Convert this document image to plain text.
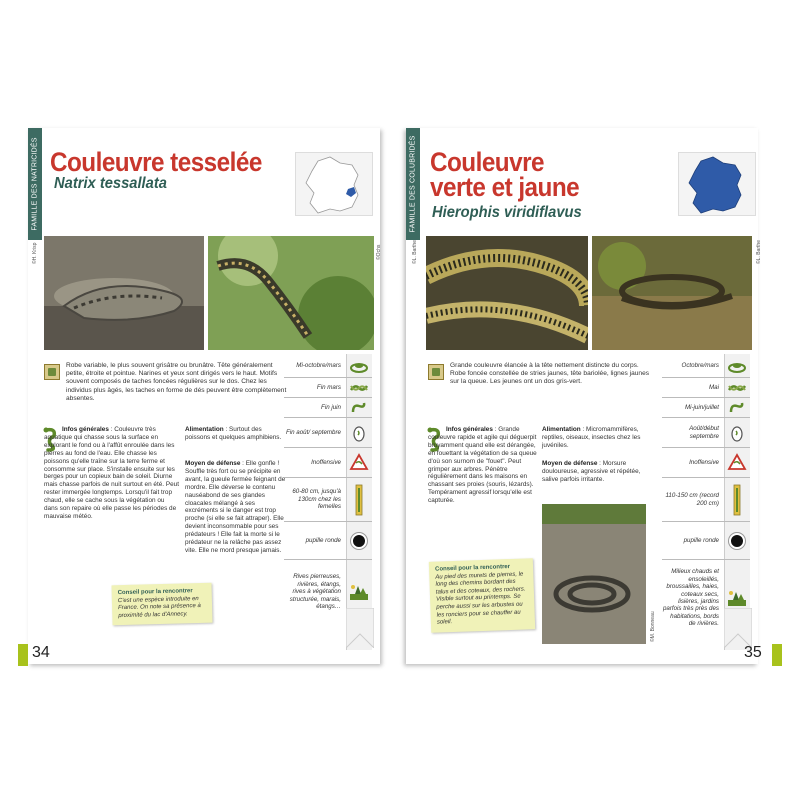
FAMILLE DES NATRICIDÉS Couleuvre tesselée
Natrix tessallata
©H. Krisp	©Ochs
Robe variable, le plus souvent grisâtre ou brunâtre. Tête généralement petite, étroite et pointue. Narines et yeux sont dirigés vers le haut. Motifs souvent composés de taches foncées régulières sur le dos. Chez les individus plus âgés, les taches en forme de dés peuvent être complètement absentes.
Infos générales : Couleuvre très aquatique qui chasse sous la surface en explorant le fond ou à l'affût enroulée dans les pierres au fond de l'eau. Elle chasse les poissons qu'elle traîne sur la terre ferme et consomme sur place. S'installe ensuite sur les berges pour un copieux bain de soleil. Diurne mais chasse parfois de nuit surtout en été. Peut rester immergée longtemps. Lorsqu'il fait trop chaud, elle se cache sous la végétation ou dans son repaire où elle passe les périodes de mauvaise météo.
Alimentation : Surtout des poissons et quelques amphibiens.
Moyen de défense : Elle gonfle ! Souffle très fort ou se précipite en avant, la gueule fermée feignant de mordre. Elle déverse le contenu nauséabond de ses glandes cloacales mélangé à ses excréments si le danger est trop proche (si elle se fait attraper). Elle devient inconsommable pour ses prédateurs ! Elle fait la morte si le prédateur ne la relâche pas assez vite. Elle ne mord presque jamais.
Conseil pour la rencontrer
C'est une espèce introduite en France. On note sa présence à proximité du lac d'Annecy.
Mi-octobre/mars
Fin mars
Fin juin
Fin août/ septembre
Inoffensive
60-80 cm, jusqu'à 130cm chez les femelles
pupille ronde
Rives pierreuses, rivières, étangs, rives à végétation structurée, marais, étangs…
34
FAMILLE DES COLUBRIDÉS Couleuvre
verte et jaune
Hierophis viridiflavus
©L. Barthe	©L. Barthe
Grande couleuvre élancée à la tête nettement distincte du corps. Robe foncée constellée de stries jaunes, tête bariolée, lignes jaunes sur la queue. Les jeunes ont un dos gris-vert.
Infos générales : Grande couleuvre rapide et agile qui déguerpit bruyamment quand elle est dérangée, en fouettant la végétation de sa queue d'où son surnom de "fouet". Peut grimper aux arbres. Pénètre régulièrement dans les maisons en chassant ses proies (souris, lézards). Tempérament agressif lorsqu'elle est capturée.
Alimentation : Micromammifères, reptiles, oiseaux, insectes chez les juvéniles.
Moyen de défense : Morsure douloureuse, agressive et répétée, salive parfois irritante.
©M. Bonneau
Conseil pour la rencontrer
Au pied des murets de pierres, le long des chemins bordant des talus et des coteaux, des rochers. Visible surtout au printemps. Se perche aussi sur les arbustes ou les ronciers pour se chauffer au soleil.
Octobre/mars
Mai
Mi-juin/juillet
Août/début septembre
Inoffensive
110-150 cm (record 200 cm)
pupille ronde
Milieux chauds et ensoleillés, broussailles, haies, coteaux secs, lisières, jardins parfois très près des habitations, bords de rivières.
35
